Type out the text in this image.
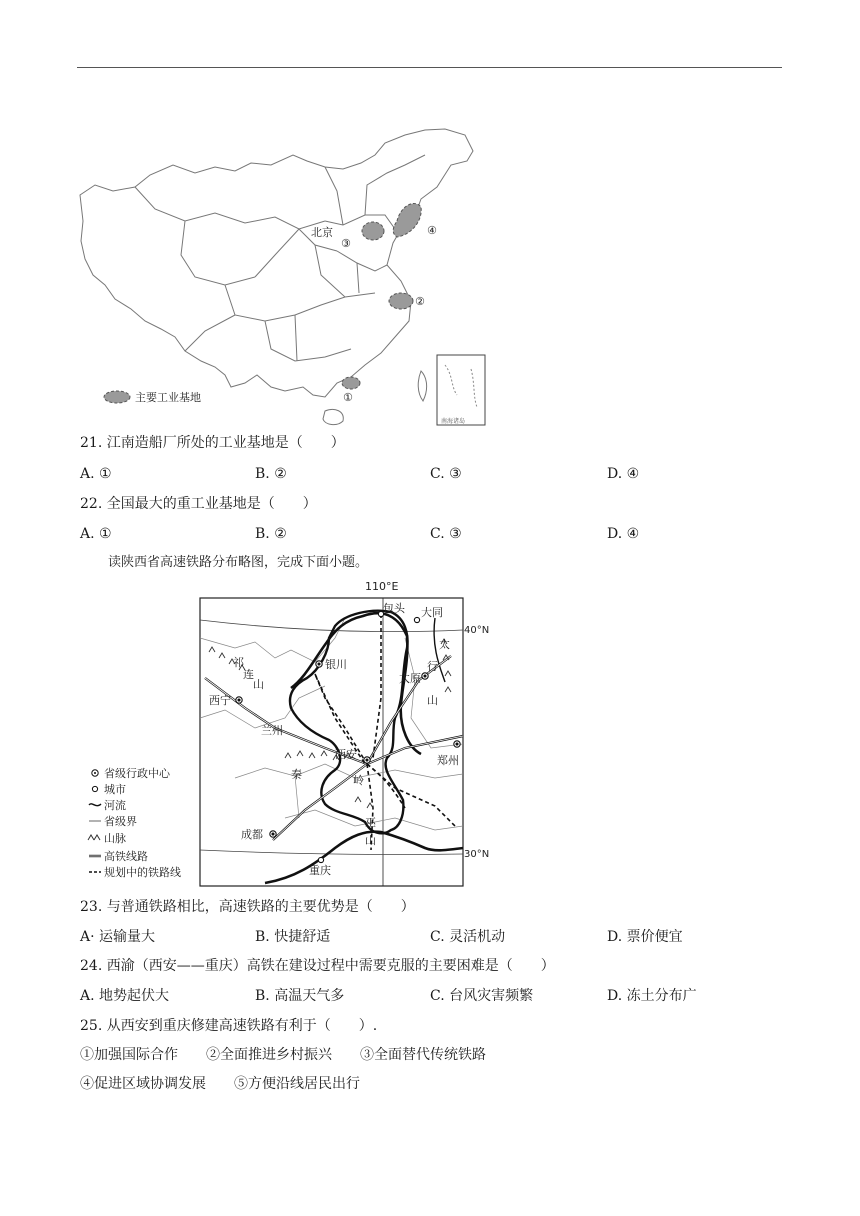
北京
③
④
②
①
主要工业基地
南海诸岛
21. 江南造船厂所处的工业基地是（　　）
A. ①	B. ②	C. ③	D. ④
22. 全国最大的重工业基地是（　　）
A. ①	B. ②	C. ③	D. ④
读陕西省高速铁路分布略图，完成下面小题。
110°E
40°N
30°N
包头 大同
银川
太原
西宁
兰州
西安	郑州
成都
重庆
祁
连
山
太
行
山
秦	岭
巫
山
省级行政中心
城市
河流
省级界
山脉
高铁线路
规划中的铁路线
23. 与普通铁路相比，高速铁路的主要优势是（　　）
A· 运输量大	B. 快捷舒适	C. 灵活机动	D. 票价便宜
24. 西渝（西安——重庆）高铁在建设过程中需要克服的主要困难是（　　）
A. 地势起伏大	B. 高温天气多	C. 台风灾害频繁	D. 冻土分布广
25. 从西安到重庆修建高速铁路有利于（　　）.
①加强国际合作　　②全面推进乡村振兴　　③全面替代传统铁路
④促进区域协调发展　　⑤方便沿线居民出行
